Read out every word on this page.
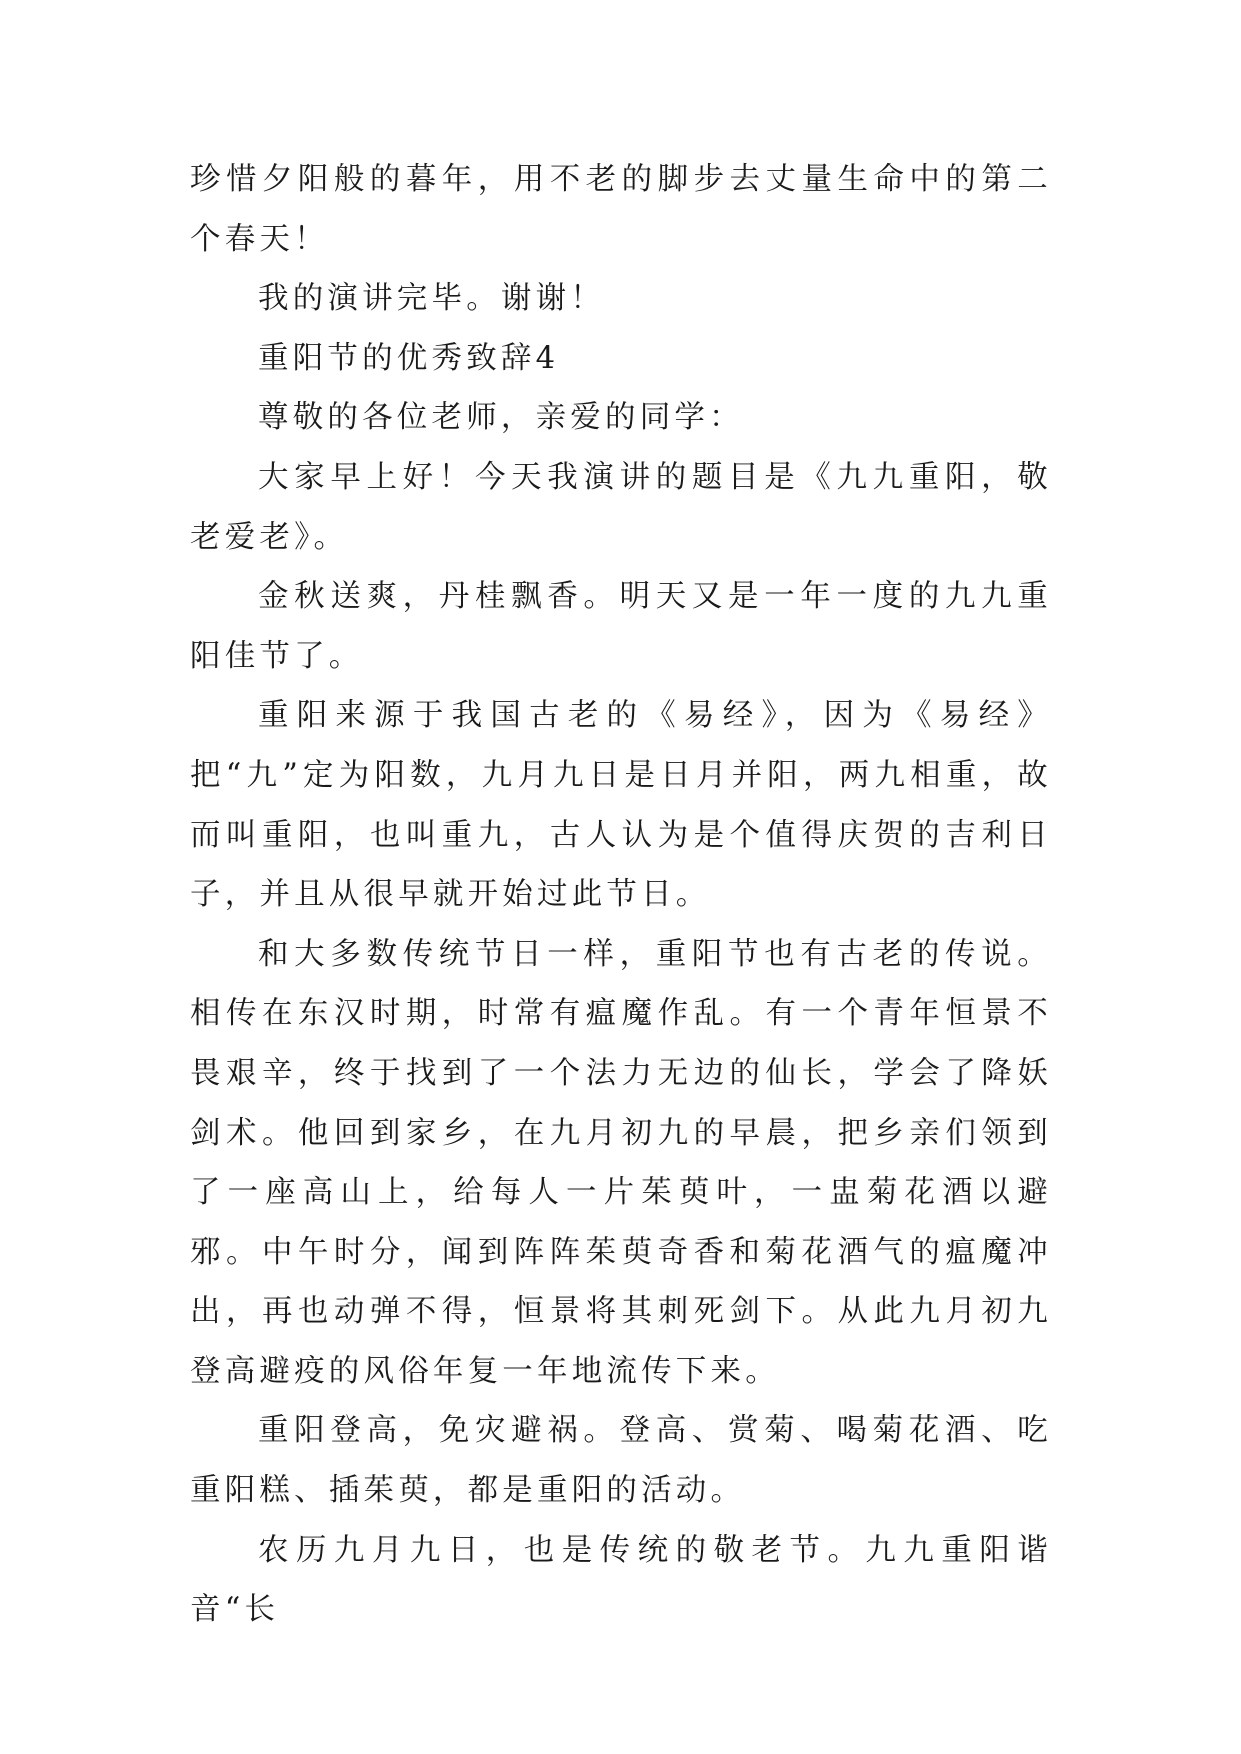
珍惜夕阳般的暮年，用不老的脚步去丈量生命中的第二个春天！

我的演讲完毕。谢谢！

重阳节的优秀致辞4

尊敬的各位老师，亲爱的同学：

大家早上好！今天我演讲的题目是《九九重阳，敬老爱老》。

金秋送爽，丹桂飘香。明天又是一年一度的九九重阳佳节了。

重阳来源于我国古老的《易经》，因为《易经》把“九”定为阳数，九月九日是日月并阳，两九相重，故而叫重阳，也叫重九，古人认为是个值得庆贺的吉利日子，并且从很早就开始过此节日。

和大多数传统节日一样，重阳节也有古老的传说。相传在东汉时期，时常有瘟魔作乱。有一个青年恒景不畏艰辛，终于找到了一个法力无边的仙长，学会了降妖剑术。他回到家乡，在九月初九的早晨，把乡亲们领到了一座高山上，给每人一片茱萸叶，一盅菊花酒以避邪。中午时分，闻到阵阵茱萸奇香和菊花酒气的瘟魔冲出，再也动弹不得，恒景将其刺死剑下。从此九月初九登高避疫的风俗年复一年地流传下来。

重阳登高，免灾避祸。登高、赏菊、喝菊花酒、吃重阳糕、插茱萸，都是重阳的活动。

农历九月九日，也是传统的敬老节。九九重阳谐音“长
